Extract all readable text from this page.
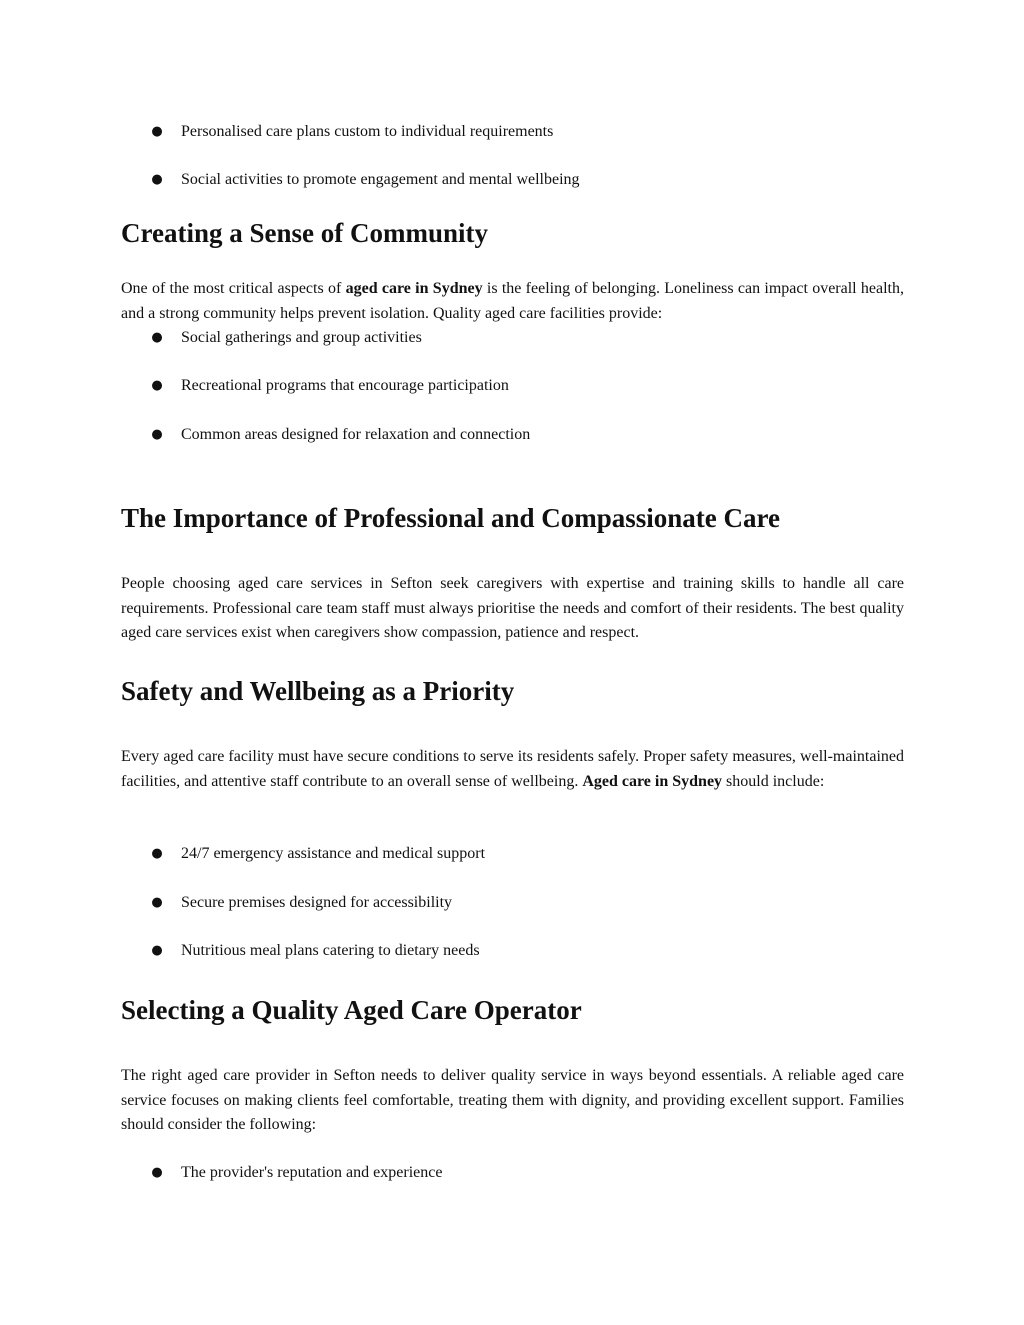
● Personalised care plans custom to individual requirements
● Social activities to promote engagement and mental wellbeing
Creating a Sense of Community

One of the most critical aspects of aged care in Sydney is the feeling of belonging. Loneliness can impact overall health, and a strong community helps prevent isolation. Quality aged care facilities provide:

● Social gatherings and group activities
● Recreational programs that encourage participation
● Common areas designed for relaxation and connection
The Importance of Professional and Compassionate Care

People choosing aged care services in Sefton seek caregivers with expertise and training skills to handle all care requirements. Professional care team staff must always prioritise the needs and comfort of their residents. The best quality aged care services exist when caregivers show compassion, patience and respect.

Safety and Wellbeing as a Priority

Every aged care facility must have secure conditions to serve its residents safely. Proper safety measures, well-maintained facilities, and attentive staff contribute to an overall sense of wellbeing. Aged care in Sydney should include:

● 24/7 emergency assistance and medical support
● Secure premises designed for accessibility
● Nutritious meal plans catering to dietary needs
Selecting a Quality Aged Care Operator

The right aged care provider in Sefton needs to deliver quality service in ways beyond essentials. A reliable aged care service focuses on making clients feel comfortable, treating them with dignity, and providing excellent support. Families should consider the following:

● The provider's reputation and experience
